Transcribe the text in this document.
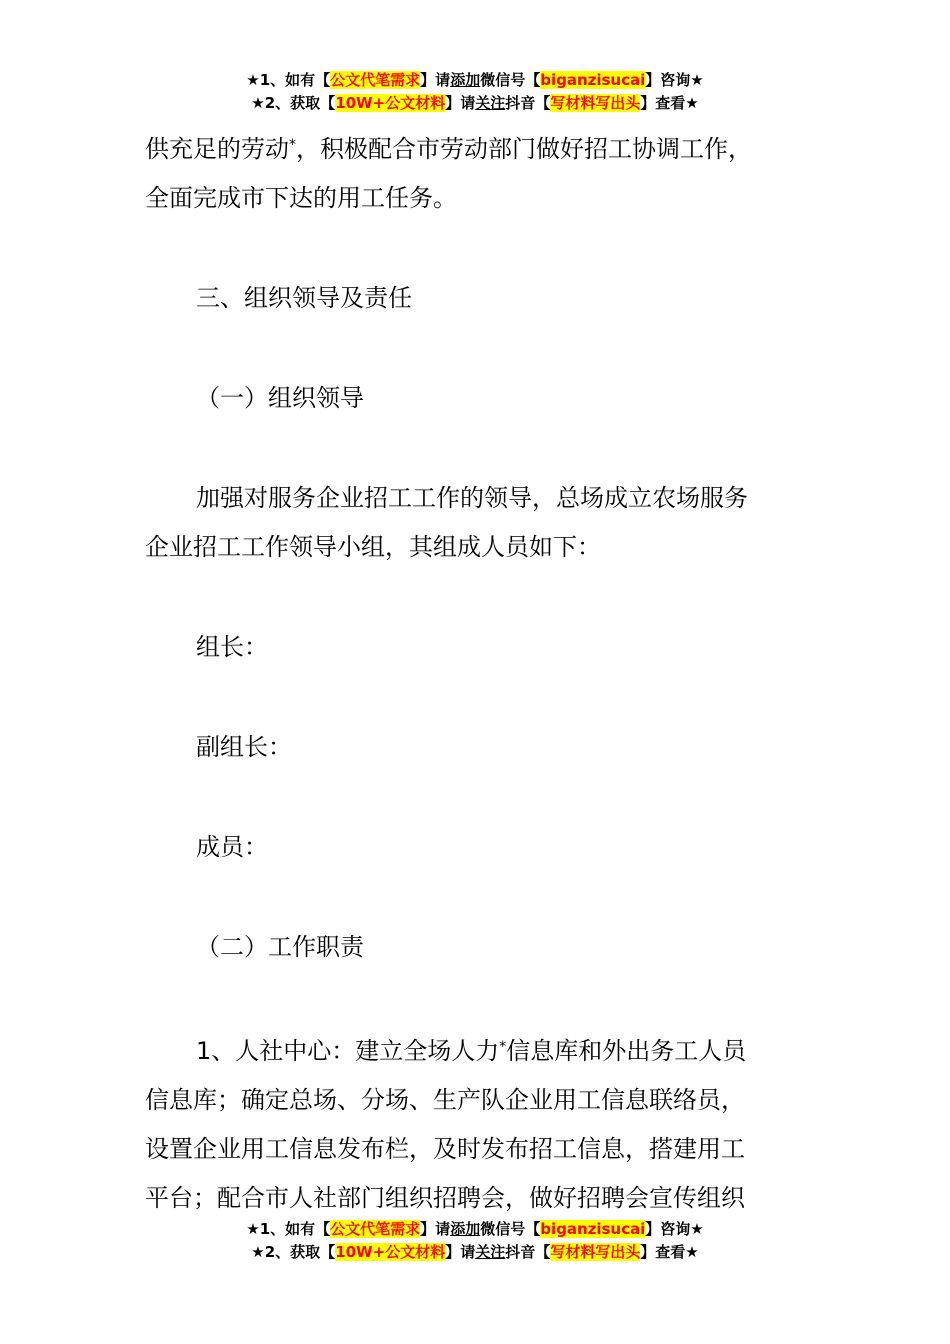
★1、如有【公文代笔需求】请添加微信号【biganzisucai】咨询★
★2、获取【10W+公文材料】请关注抖音【写材料写出头】查看★

供充足的劳动*，积极配合市劳动部门做好招工协调工作，

全面完成市下达的用工任务。

三、组织领导及责任

（一）组织领导

加强对服务企业招工工作的领导，总场成立农场服务

企业招工工作领导小组，其组成人员如下：

组长：

副组长：

成员：

（二）工作职责

1、人社中心：建立全场人力*信息库和外出务工人员

信息库；确定总场、分场、生产队企业用工信息联络员，

设置企业用工信息发布栏，及时发布招工信息，搭建用工

平台；配合市人社部门组织招聘会，做好招聘会宣传组织

★1、如有【公文代笔需求】请添加微信号【biganzisucai】咨询★
★2、获取【10W+公文材料】请关注抖音【写材料写出头】查看★
